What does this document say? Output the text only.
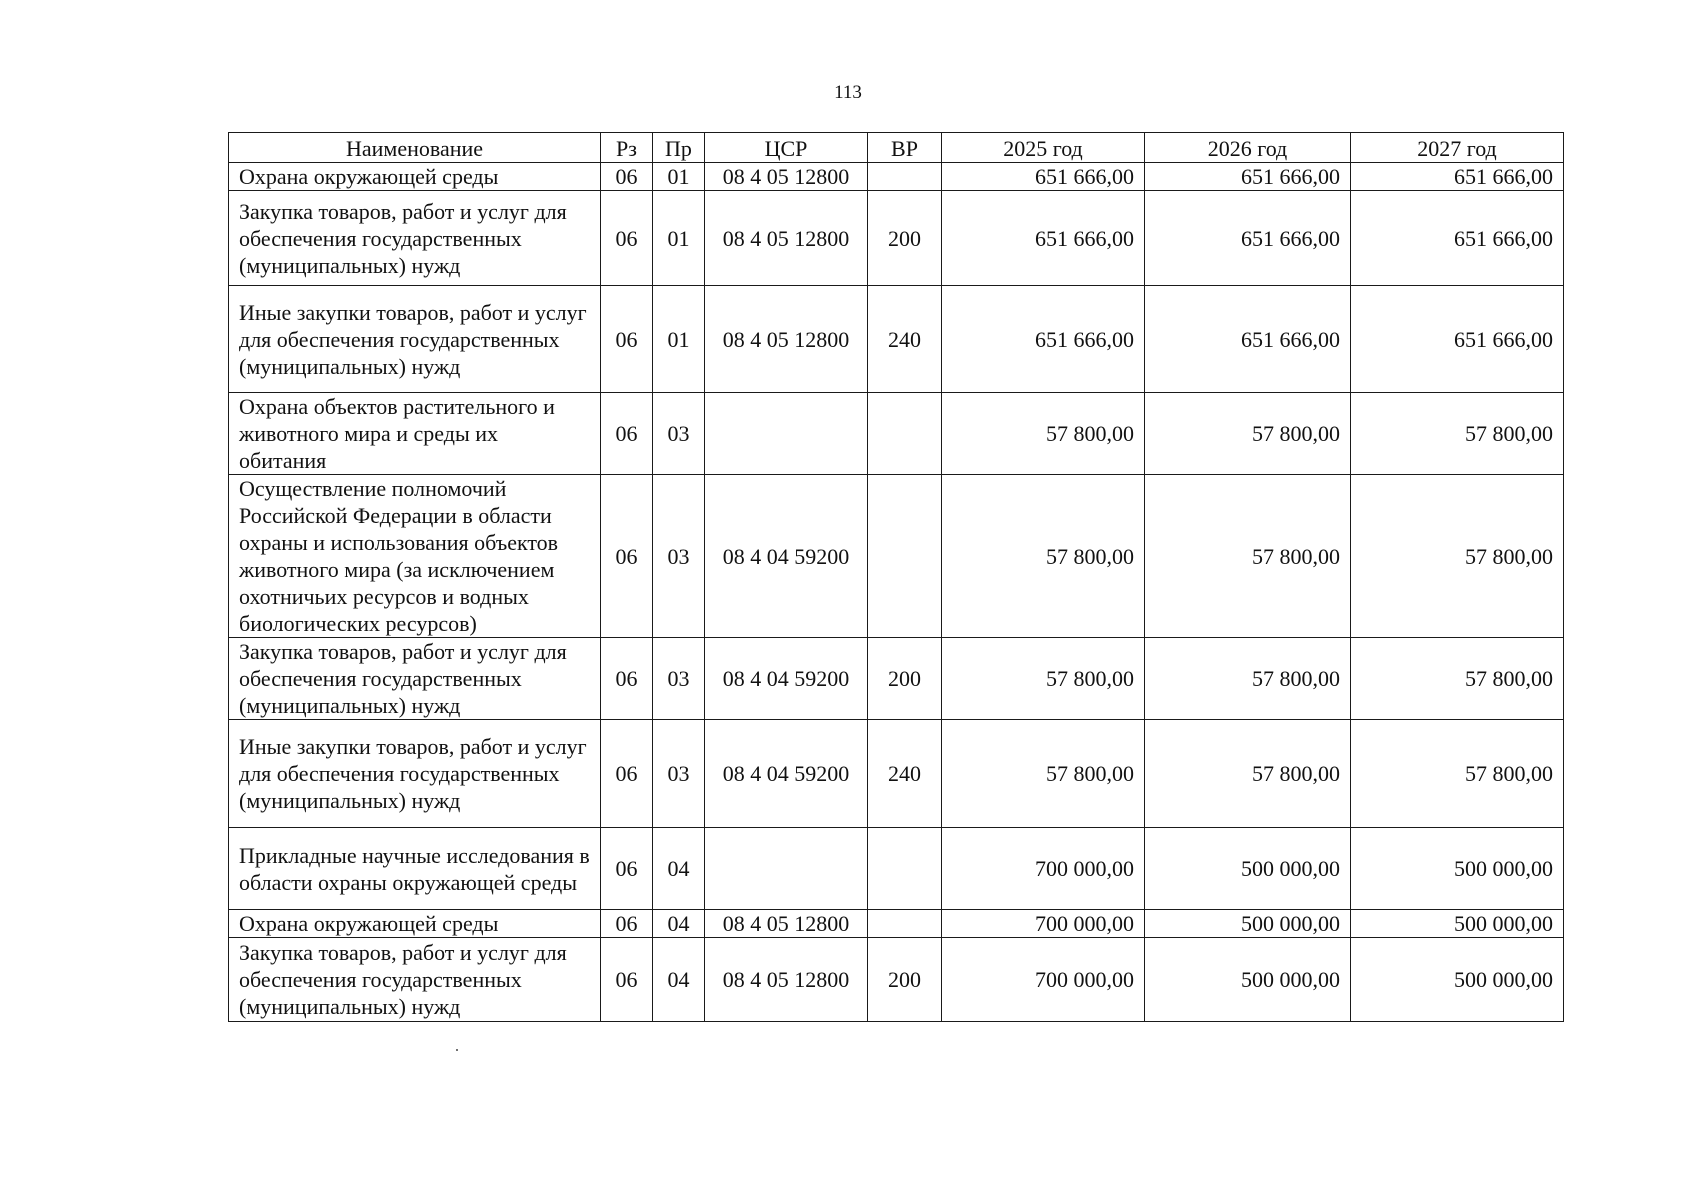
113
Наименование	Рз	Пр	ЦСР	ВР	2025 год	2026 год	2027 год
Охрана окружающей среды	06	01	08 4 05 12800		651 666,00	651 666,00	651 666,00
Закупка товаров, работ и услуг для обеспечения государственных (муниципальных) нужд	06	01	08 4 05 12800	200	651 666,00	651 666,00	651 666,00
Иные закупки товаров, работ и услуг для обеспечения государственных (муниципальных) нужд	06	01	08 4 05 12800	240	651 666,00	651 666,00	651 666,00
Охрана объектов растительного и животного мира и среды их обитания	06	03			57 800,00	57 800,00	57 800,00
Осуществление полномочий Российской Федерации в области охраны и использования объектов животного мира (за исключением охотничьих ресурсов и водных биологических ресурсов)	06	03	08 4 04 59200		57 800,00	57 800,00	57 800,00
Закупка товаров, работ и услуг для обеспечения государственных (муниципальных) нужд	06	03	08 4 04 59200	200	57 800,00	57 800,00	57 800,00
Иные закупки товаров, работ и услуг для обеспечения государственных (муниципальных) нужд	06	03	08 4 04 59200	240	57 800,00	57 800,00	57 800,00
Прикладные научные исследования в области охраны окружающей среды	06	04			700 000,00	500 000,00	500 000,00
Охрана окружающей среды	06	04	08 4 05 12800		700 000,00	500 000,00	500 000,00
Закупка товаров, работ и услуг для обеспечения государственных (муниципальных) нужд	06	04	08 4 05 12800	200	700 000,00	500 000,00	500 000,00
